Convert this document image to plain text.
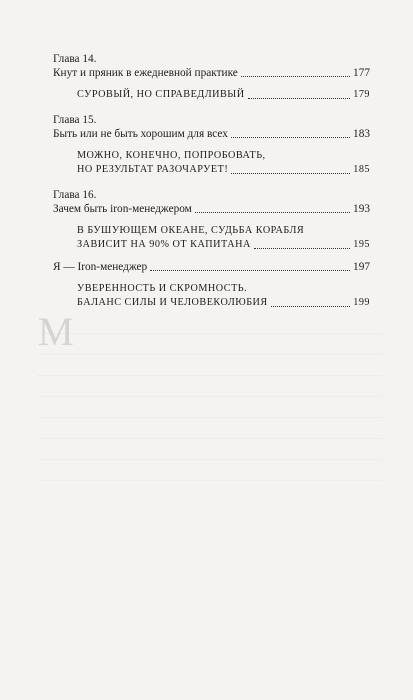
M
Глава 14.
Кнут и пряник в ежедневной практике	177
СУРОВЫЙ, НО СПРАВЕДЛИВЫЙ	179
Глава 15.
Быть или не быть хорошим для всех	183
МОЖНО, КОНЕЧНО, ПОПРОБОВАТЬ,
НО РЕЗУЛЬТАТ РАЗОЧАРУЕТ!	185
Глава 16.
Зачем быть iron-менеджером	193
В БУШУЮЩЕМ ОКЕАНЕ, СУДЬБА КОРАБЛЯ
ЗАВИСИТ НА 90% ОТ КАПИТАНА	195
Я — Iron-менеджер	197
УВЕРЕННОСТЬ И СКРОМНОСТЬ.
БАЛАНС СИЛЫ И ЧЕЛОВЕКОЛЮБИЯ	199
